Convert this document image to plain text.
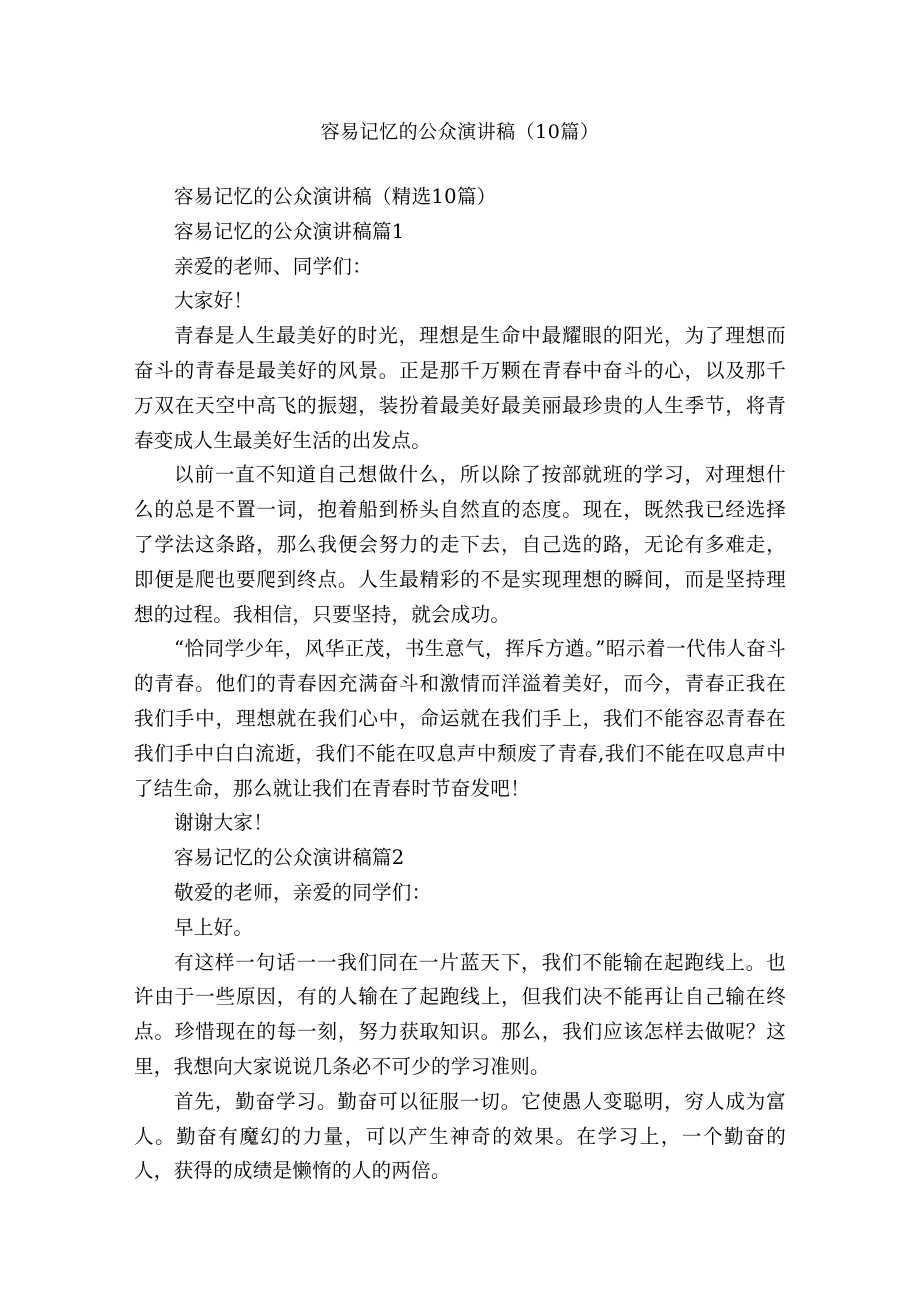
容易记忆的公众演讲稿（10篇）

容易记忆的公众演讲稿（精选10篇）

容易记忆的公众演讲稿篇1

亲爱的老师、同学们：

大家好！

青春是人生最美好的时光，理想是生命中最耀眼的阳光，为了理想而奋斗的青春是最美好的风景。正是那千万颗在青春中奋斗的心，以及那千万双在天空中高飞的振翅，装扮着最美好最美丽最珍贵的人生季节，将青春变成人生最美好生活的出发点。

以前一直不知道自己想做什么，所以除了按部就班的学习，对理想什么的总是不置一词，抱着船到桥头自然直的态度。现在，既然我已经选择了学法这条路，那么我便会努力的走下去，自己选的路，无论有多难走，即便是爬也要爬到终点。人生最精彩的不是实现理想的瞬间，而是坚持理想的过程。我相信，只要坚持，就会成功。

“恰同学少年，风华正茂，书生意气，挥斥方遒。”昭示着一代伟人奋斗的青春。他们的青春因充满奋斗和激情而洋溢着美好，而今，青春正我在我们手中，理想就在我们心中，命运就在我们手上，我们不能容忍青春在我们手中白白流逝，我们不能在叹息声中颓废了青春,我们不能在叹息声中了结生命，那么就让我们在青春时节奋发吧！

谢谢大家！

容易记忆的公众演讲稿篇2

敬爱的老师，亲爱的同学们：

早上好。

有这样一句话一一我们同在一片蓝天下，我们不能输在起跑线上。也许由于一些原因，有的人输在了起跑线上，但我们决不能再让自己输在终点。珍惜现在的每一刻，努力获取知识。那么，我们应该怎样去做呢？这里，我想向大家说说几条必不可少的学习准则。

首先，勤奋学习。勤奋可以征服一切。它使愚人变聪明，穷人成为富人。勤奋有魔幻的力量，可以产生神奇的效果。在学习上，一个勤奋的人，获得的成绩是懒惰的人的两倍。
